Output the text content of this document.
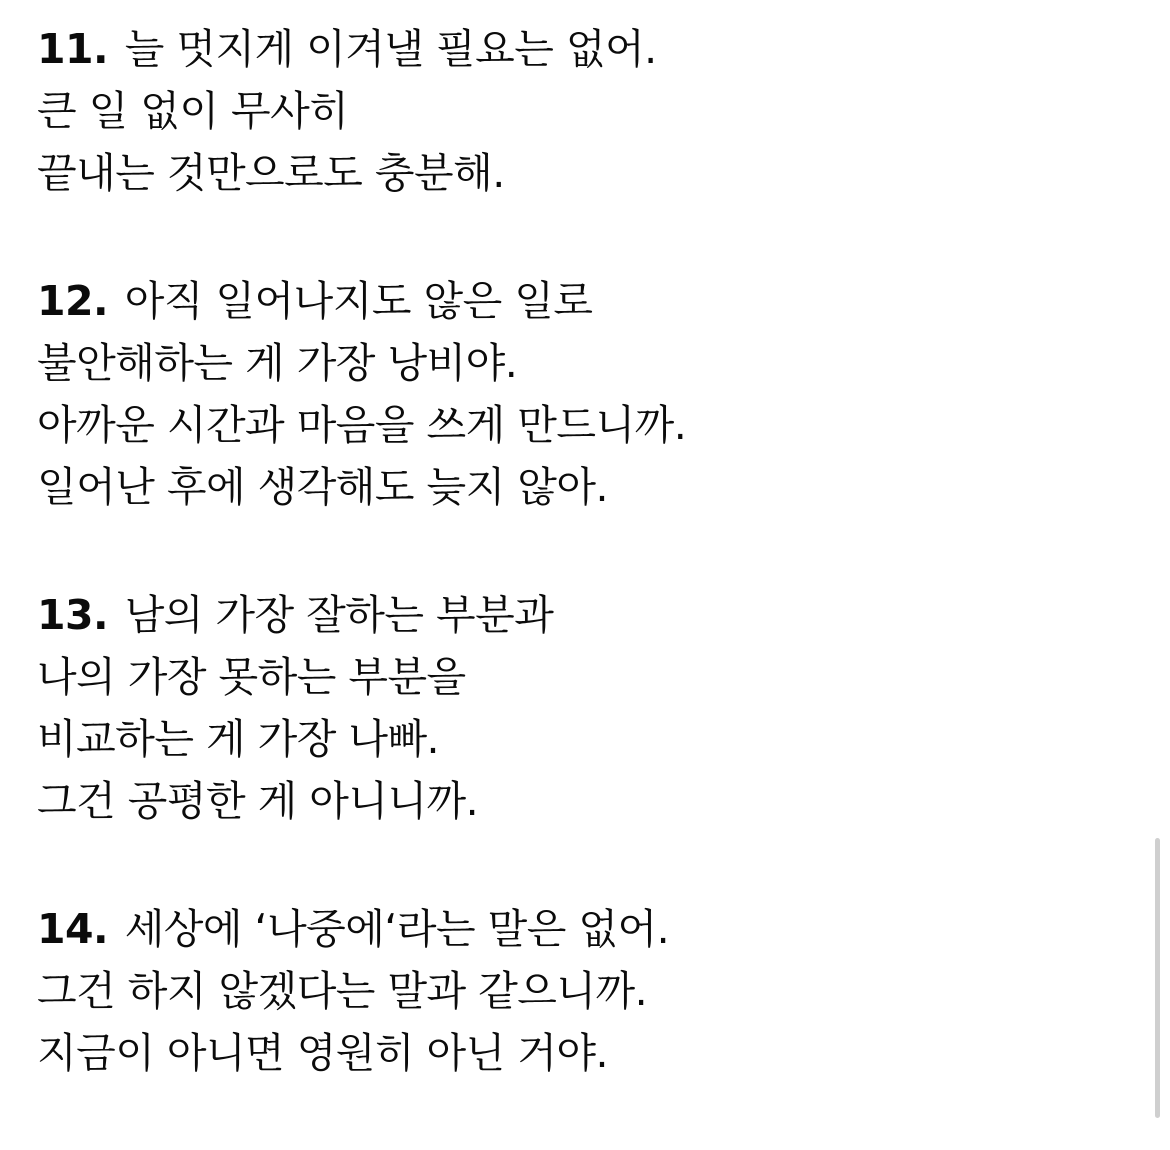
11. 늘 멋지게 이겨낼 필요는 없어.
큰 일 없이 무사히
끝내는 것만으로도 충분해.
12. 아직 일어나지도 않은 일로
불안해하는 게 가장 낭비야.
아까운 시간과 마음을 쓰게 만드니까.
일어난 후에 생각해도 늦지 않아.
13. 남의 가장 잘하는 부분과
나의 가장 못하는 부분을
비교하는 게 가장 나빠.
그건 공평한 게 아니니까.
14. 세상에 ‘나중에‘라는 말은 없어.
그건 하지 않겠다는 말과 같으니까.
지금이 아니면 영원히 아닌 거야.
